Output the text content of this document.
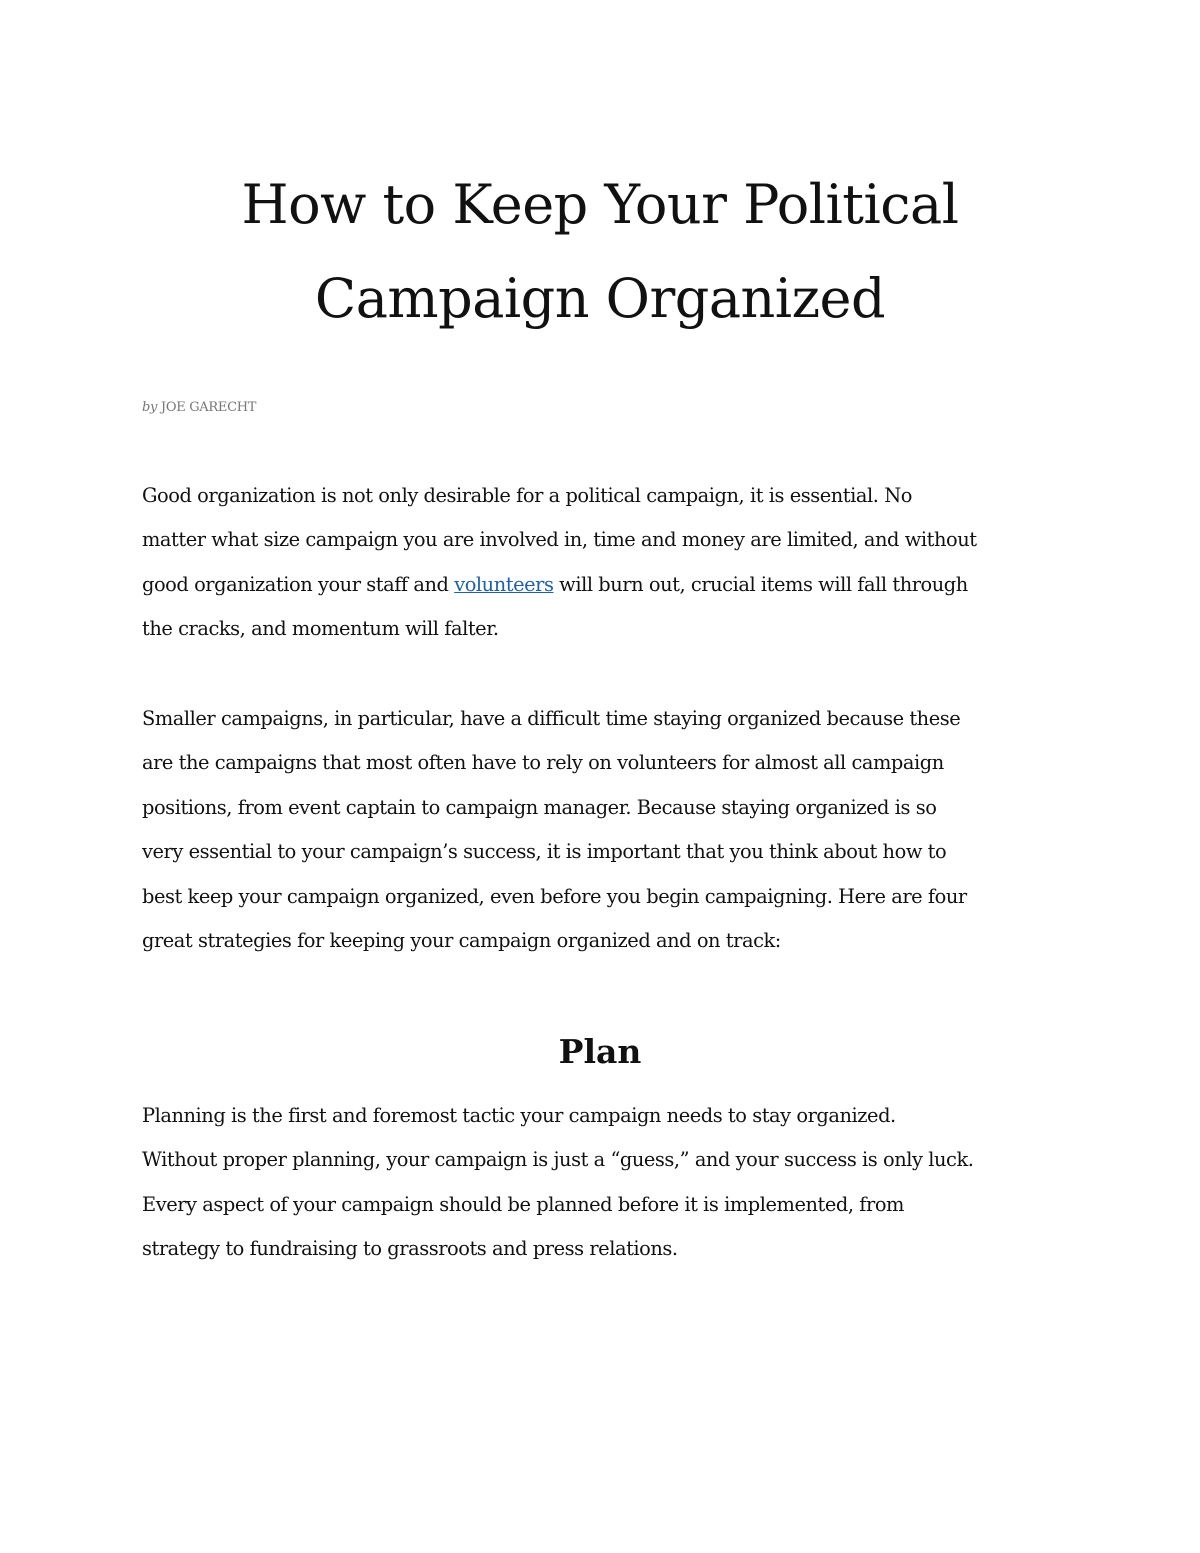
How to Keep Your Political
Campaign Organized
by JOE GARECHT

Good organization is not only desirable for a political campaign, it is essential. No
matter what size campaign you are involved in, time and money are limited, and without
good organization your staff and volunteers will burn out, crucial items will fall through
the cracks, and momentum will falter.

Smaller campaigns, in particular, have a difficult time staying organized because these
are the campaigns that most often have to rely on volunteers for almost all campaign
positions, from event captain to campaign manager. Because staying organized is so
very essential to your campaign’s success, it is important that you think about how to
best keep your campaign organized, even before you begin campaigning. Here are four
great strategies for keeping your campaign organized and on track:

Plan

Planning is the first and foremost tactic your campaign needs to stay organized.
Without proper planning, your campaign is just a “guess,” and your success is only luck.
Every aspect of your campaign should be planned before it is implemented, from
strategy to fundraising to grassroots and press relations.
